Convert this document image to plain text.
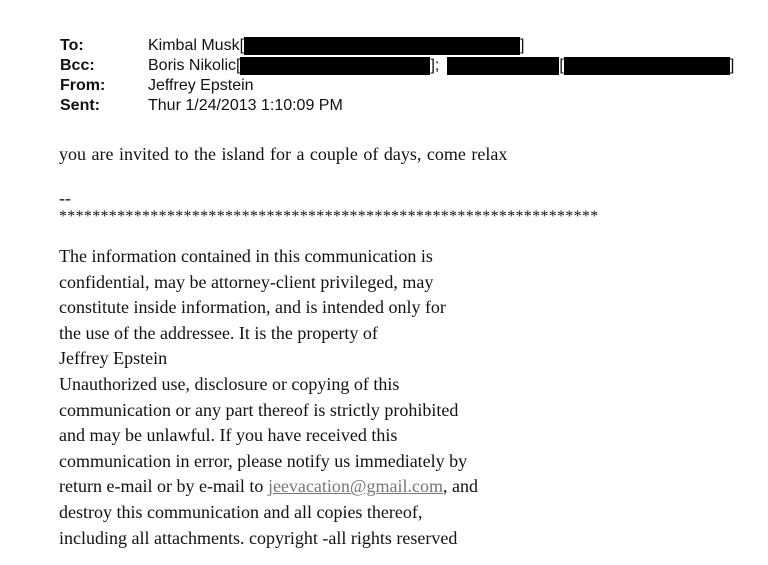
To:	Kimbal Musk[	]
Bcc:	Boris Nikolic[	];	[	]
From:	Jeffrey Epstein
Sent:	Thur 1/24/2013 1:10:09 PM
you are invited to the island for a couple of days, come relax
--
*****************************************************************
The information contained in this communication is
confidential, may be attorney-client privileged, may
constitute inside information, and is intended only for
the use of the addressee. It is the property of
Jeffrey Epstein
Unauthorized use, disclosure or copying of this
communication or any part thereof is strictly prohibited
and may be unlawful. If you have received this
communication in error, please notify us immediately by
return e-mail or by e-mail to jeevacation@gmail.com, and
destroy this communication and all copies thereof,
including all attachments. copyright -all rights reserved
